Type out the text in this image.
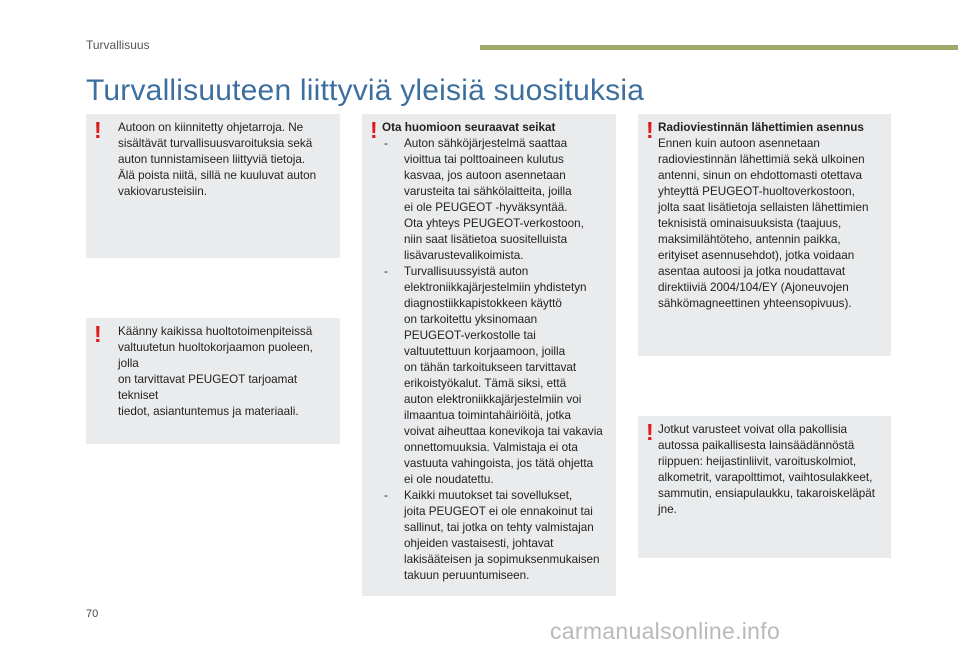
Turvallisuus
Turvallisuuteen liittyviä yleisiä suosituksia
! Autoon on kiinnitetty ohjetarroja. Ne

sisältävät turvallisuusvaroituksia sekä

auton tunnistamiseen liittyviä tietoja.

Älä poista niitä, sillä ne kuuluvat auton

vakiovarusteisiin.

! Käänny kaikissa huoltotoimenpiteissä

valtuutetun huoltokorjaamon puoleen, jolla

on tarvittavat PEUGEOT tarjoamat tekniset

tiedot, asiantuntemus ja materiaali.

! Ota huomioon seuraavat seikat

- Auton sähköjärjestelmä saattaa
vioittua tai polttoaineen kulutus
kasvaa, jos autoon asennetaan
varusteita tai sähkölaitteita, joilla
ei ole PEUGEOT -hyväksyntää.
Ota yhteys PEUGEOT-verkostoon,
niin saat lisätietoa suositelluista
lisävarustevalikoimista.
- Turvallisuussyistä auton
elektroniikkajärjestelmiin yhdistetyn
diagnostiikkapistokkeen käyttö
on tarkoitettu yksinomaan
PEUGEOT-verkostolle tai
valtuutettuun korjaamoon, joilla
on tähän tarkoitukseen tarvittavat
erikoistyökalut. Tämä siksi, että
auton elektroniikkajärjestelmiin voi
ilmaantua toimintahäiriöitä, jotka
voivat aiheuttaa konevikoja tai vakavia
onnettomuuksia. Valmistaja ei ota
vastuuta vahingoista, jos tätä ohjetta
ei ole noudatettu.
- Kaikki muutokset tai sovellukset,
joita PEUGEOT ei ole ennakoinut tai
sallinut, tai jotka on tehty valmistajan
ohjeiden vastaisesti, johtavat
lakisääteisen ja sopimuksenmukaisen
takuun peruuntumiseen.
! Radioviestinnän lähettimien asennus

Ennen kuin autoon asennetaan

radioviestinnän lähettimiä sekä ulkoinen

antenni, sinun on ehdottomasti otettava

yhteyttä PEUGEOT-huoltoverkostoon,

jolta saat lisätietoja sellaisten lähettimien

teknisistä ominaisuuksista (taajuus,

maksimilähtöteho, antennin paikka,

erityiset asennusehdot), jotka voidaan

asentaa autoosi ja jotka noudattavat

direktiiviä 2004/104/EY (Ajoneuvojen

sähkömagneettinen yhteensopivuus).

! Jotkut varusteet voivat olla pakollisia

autossa paikallisesta lainsäädännöstä

riippuen: heijastinliivit, varoituskolmiot,

alkometrit, varapolttimot, vaihtosulakkeet,

sammutin, ensiapulaukku, takaroiskeläpät

jne.

70
carmanualsonline.info
